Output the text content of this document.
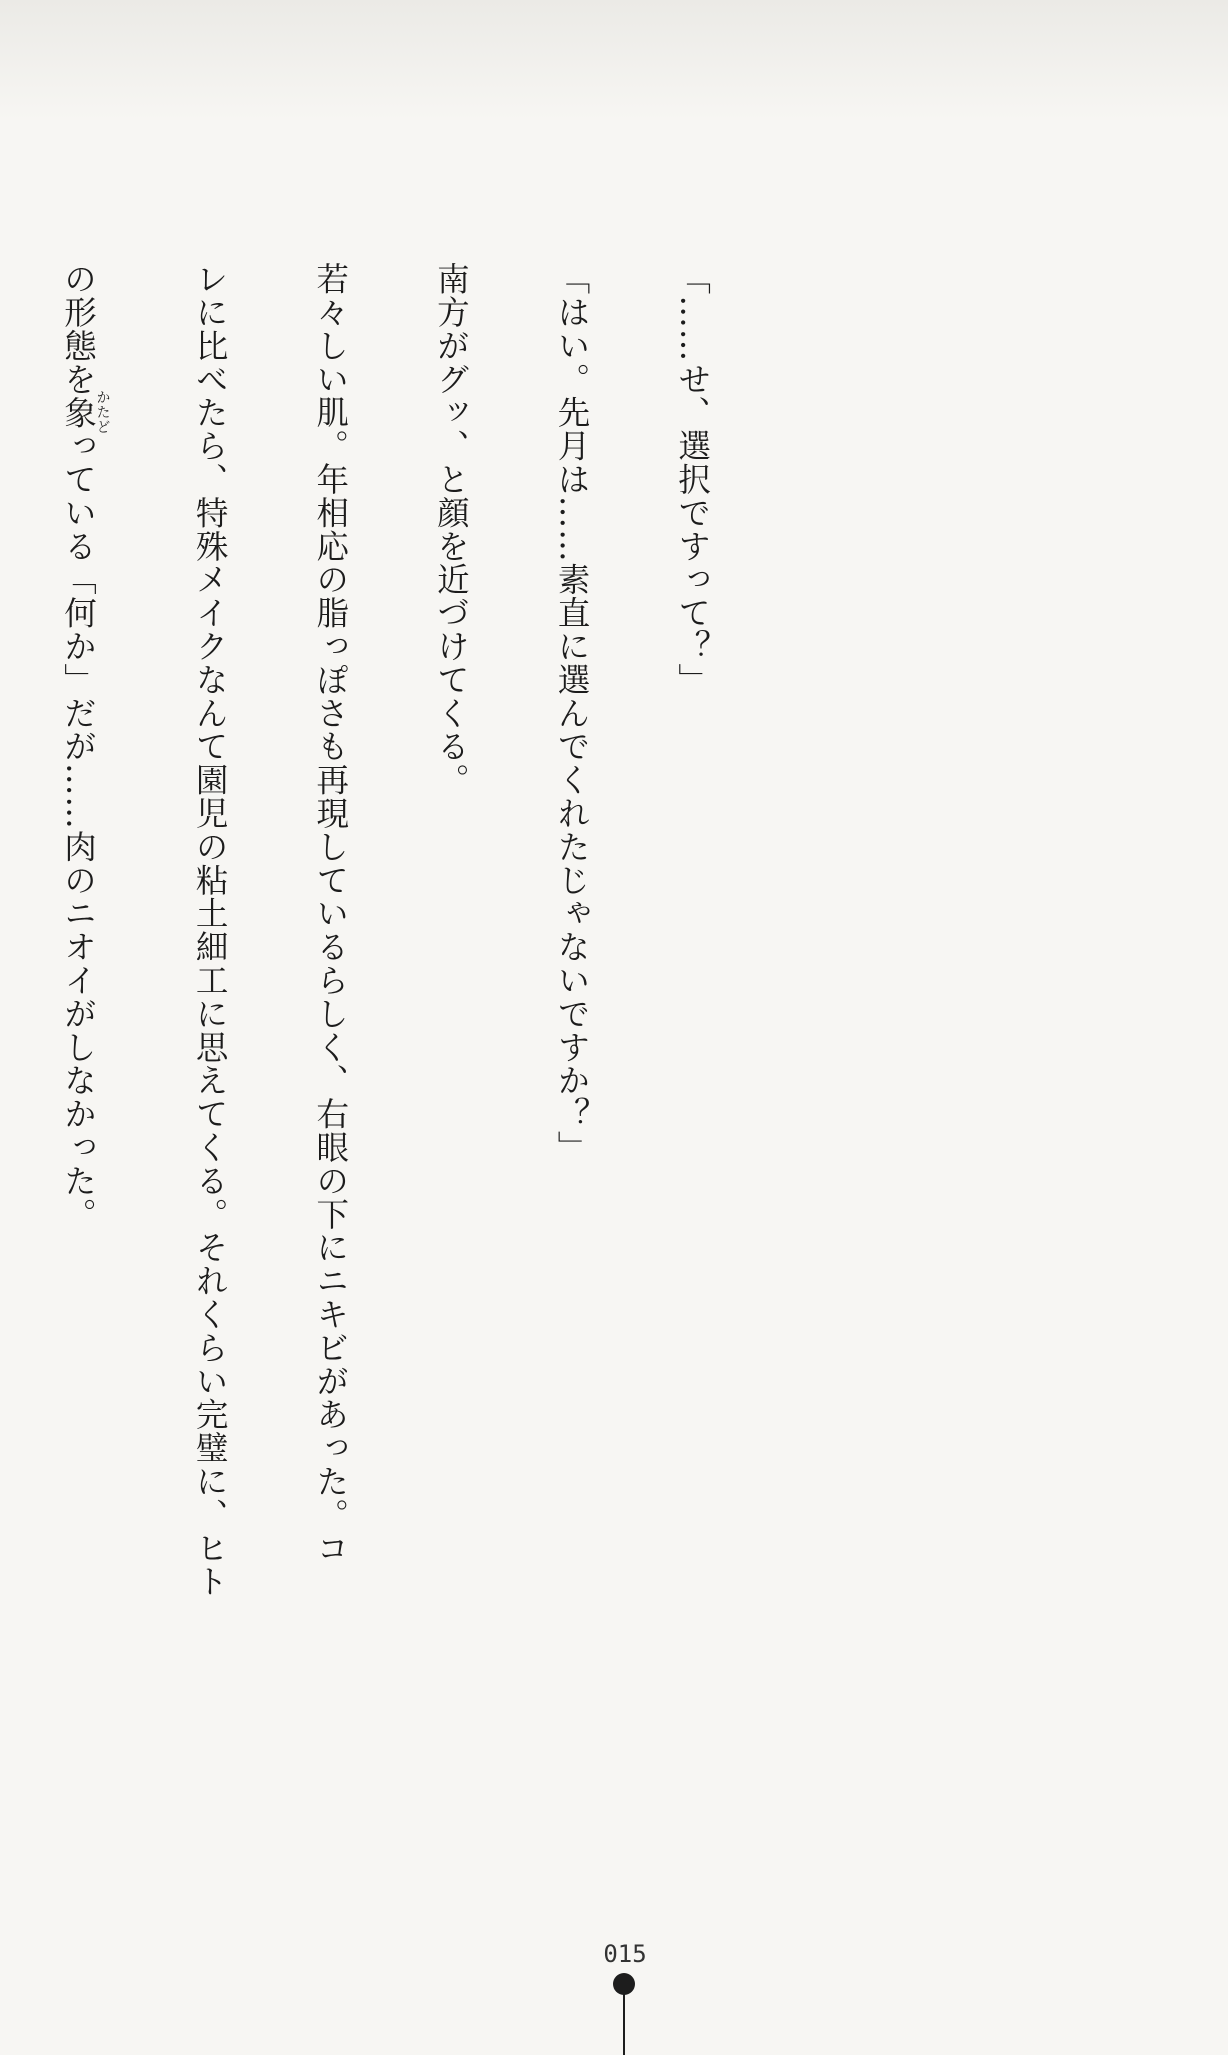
「……せ、選択ですって？」

「はい。先月は……素直に選んでくれたじゃないですか？」

南方がグッ、と顔を近づけてくる。

若々しい肌。年相応の脂っぽさも再現しているらしく、右眼の下にニキビがあった。コ

レに比べたら、特殊メイクなんて園児の粘土細工に思えてくる。それくらい完璧に、ヒト

の形態を象かたどっている「何か」だが……肉のニオイがしなかった。

015
